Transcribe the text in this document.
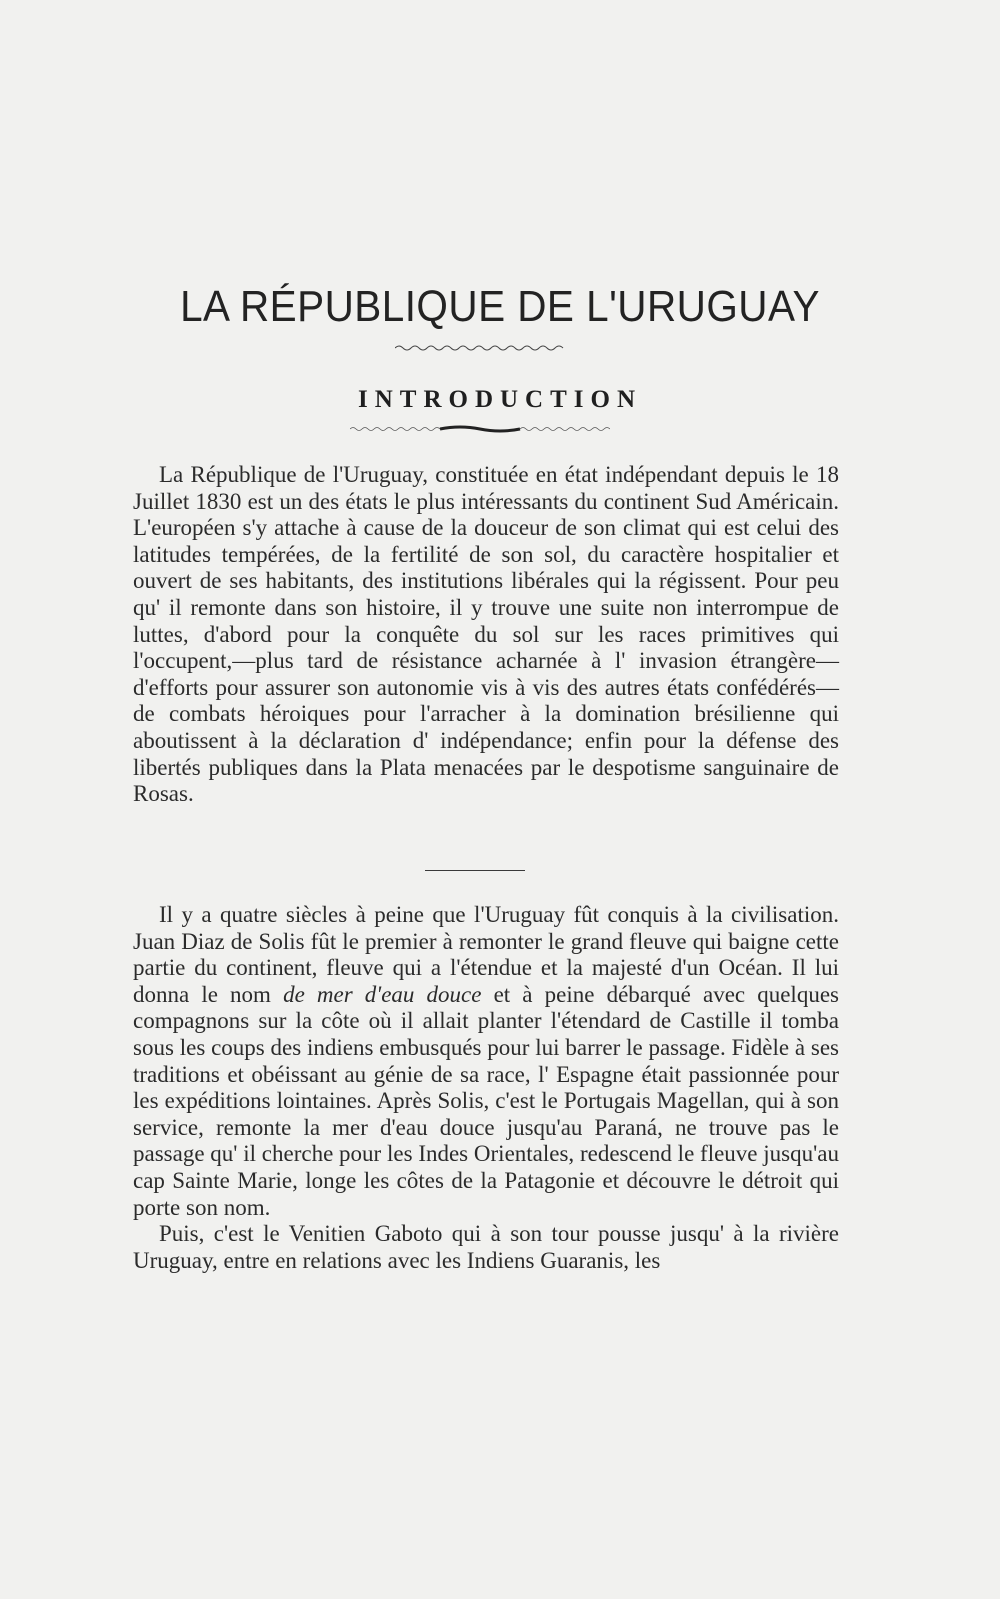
LA RÉPUBLIQUE DE L'URUGUAY
INTRODUCTION

La République de l'Uruguay, constituée en état indépendant depuis le 18 Juillet 1830 est un des états le plus intéressants du continent Sud Américain. L'européen s'y attache à cause de la douceur de son climat qui est celui des latitudes tempérées, de la fertilité de son sol, du caractère hospitalier et ouvert de ses habitants, des institutions libérales qui la régissent. Pour peu qu' il remonte dans son histoire, il y trouve une suite non interrompue de luttes, d'abord pour la conquête du sol sur les races primitives qui l'occupent,—plus tard de résistance acharnée à l' invasion étrangère—d'efforts pour assurer son autonomie vis à vis des autres états confédérés—de combats héroiques pour l'arracher à la domination brésilienne qui aboutissent à la déclaration d' indépendance; enfin pour la défense des libertés publiques dans la Plata menacées par le despotisme sanguinaire de Rosas.

Il y a quatre siècles à peine que l'Uruguay fût conquis à la civilisation. Juan Diaz de Solis fût le premier à remonter le grand fleuve qui baigne cette partie du continent, fleuve qui a l'étendue et la majesté d'un Océan. Il lui donna le nom de mer d'eau douce et à peine débarqué avec quelques compagnons sur la côte où il allait planter l'étendard de Castille il tomba sous les coups des indiens embusqués pour lui barrer le passage. Fidèle à ses traditions et obéissant au génie de sa race, l' Espagne était passionnée pour les expéditions lointaines. Après Solis, c'est le Portugais Magellan, qui à son service, remonte la mer d'eau douce jusqu'au Paraná, ne trouve pas le passage qu' il cherche pour les Indes Orientales, redescend le fleuve jusqu'au cap Sainte Marie, longe les côtes de la Patagonie et découvre le détroit qui porte son nom.

Puis, c'est le Venitien Gaboto qui à son tour pousse jusqu' à la rivière Uruguay, entre en relations avec les Indiens Guaranis, les
